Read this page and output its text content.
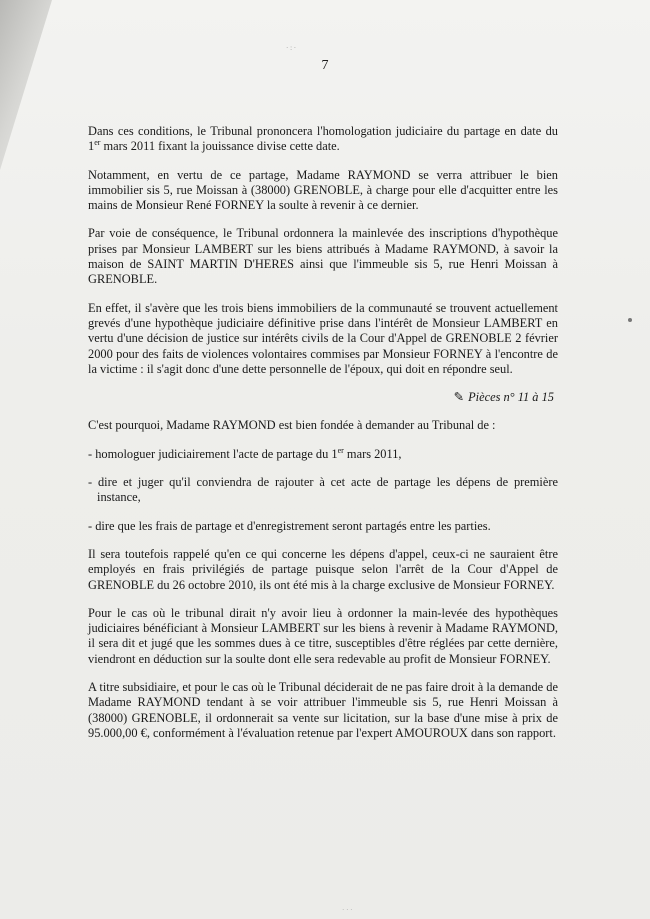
· : ·
7

Dans ces conditions, le Tribunal prononcera l'homologation judiciaire du partage en date du 1er mars 2011 fixant la jouissance divise cette date.

Notamment, en vertu de ce partage, Madame RAYMOND se verra attribuer le bien immobilier sis 5, rue Moissan à (38000) GRENOBLE, à charge pour elle d'acquitter entre les mains de Monsieur René FORNEY la soulte à revenir à ce dernier.

Par voie de conséquence, le Tribunal ordonnera la mainlevée des inscriptions d'hypothèque prises par Monsieur LAMBERT sur les biens attribués à Madame RAYMOND, à savoir la maison de SAINT MARTIN D'HERES ainsi que l'immeuble sis 5, rue Henri Moissan à GRENOBLE.

En effet, il s'avère que les trois biens immobiliers de la communauté se trouvent actuellement grevés d'une hypothèque judiciaire définitive prise dans l'intérêt de Monsieur LAMBERT en vertu d'une décision de justice sur intérêts civils de la Cour d'Appel de GRENOBLE 2 février 2000 pour des faits de violences volontaires commises par Monsieur FORNEY à l'encontre de la victime : il s'agit donc d'une dette personnelle de l'époux, qui doit en répondre seul.

✎ Pièces n° 11 à 15

C'est pourquoi, Madame RAYMOND est bien fondée à demander au Tribunal de :

- homologuer judiciairement l'acte de partage du 1er mars 2011,

- dire et juger qu'il conviendra de rajouter à cet acte de partage les dépens de première instance,

- dire que les frais de partage et d'enregistrement seront partagés entre les parties.

Il sera toutefois rappelé qu'en ce qui concerne les dépens d'appel, ceux-ci ne sauraient être employés en frais privilégiés de partage puisque selon l'arrêt de la Cour d'Appel de GRENOBLE du 26 octobre 2010, ils ont été mis à la charge exclusive de Monsieur FORNEY.

Pour le cas où le tribunal dirait n'y avoir lieu à ordonner la main-levée des hypothèques judiciaires bénéficiant à Monsieur LAMBERT sur les biens à revenir à Madame RAYMOND, il sera dit et jugé que les sommes dues à ce titre, susceptibles d'être réglées par cette dernière, viendront en déduction sur la soulte dont elle sera redevable au profit de Monsieur FORNEY.

A titre subsidiaire, et pour le cas où le Tribunal déciderait de ne pas faire droit à la demande de Madame RAYMOND tendant à se voir attribuer l'immeuble sis 5, rue Henri Moissan à (38000) GRENOBLE, il ordonnerait sa vente sur licitation, sur la base d'une mise à prix de 95.000,00 €, conformément à l'évaluation retenue par l'expert AMOUROUX dans son rapport.

· · ·
